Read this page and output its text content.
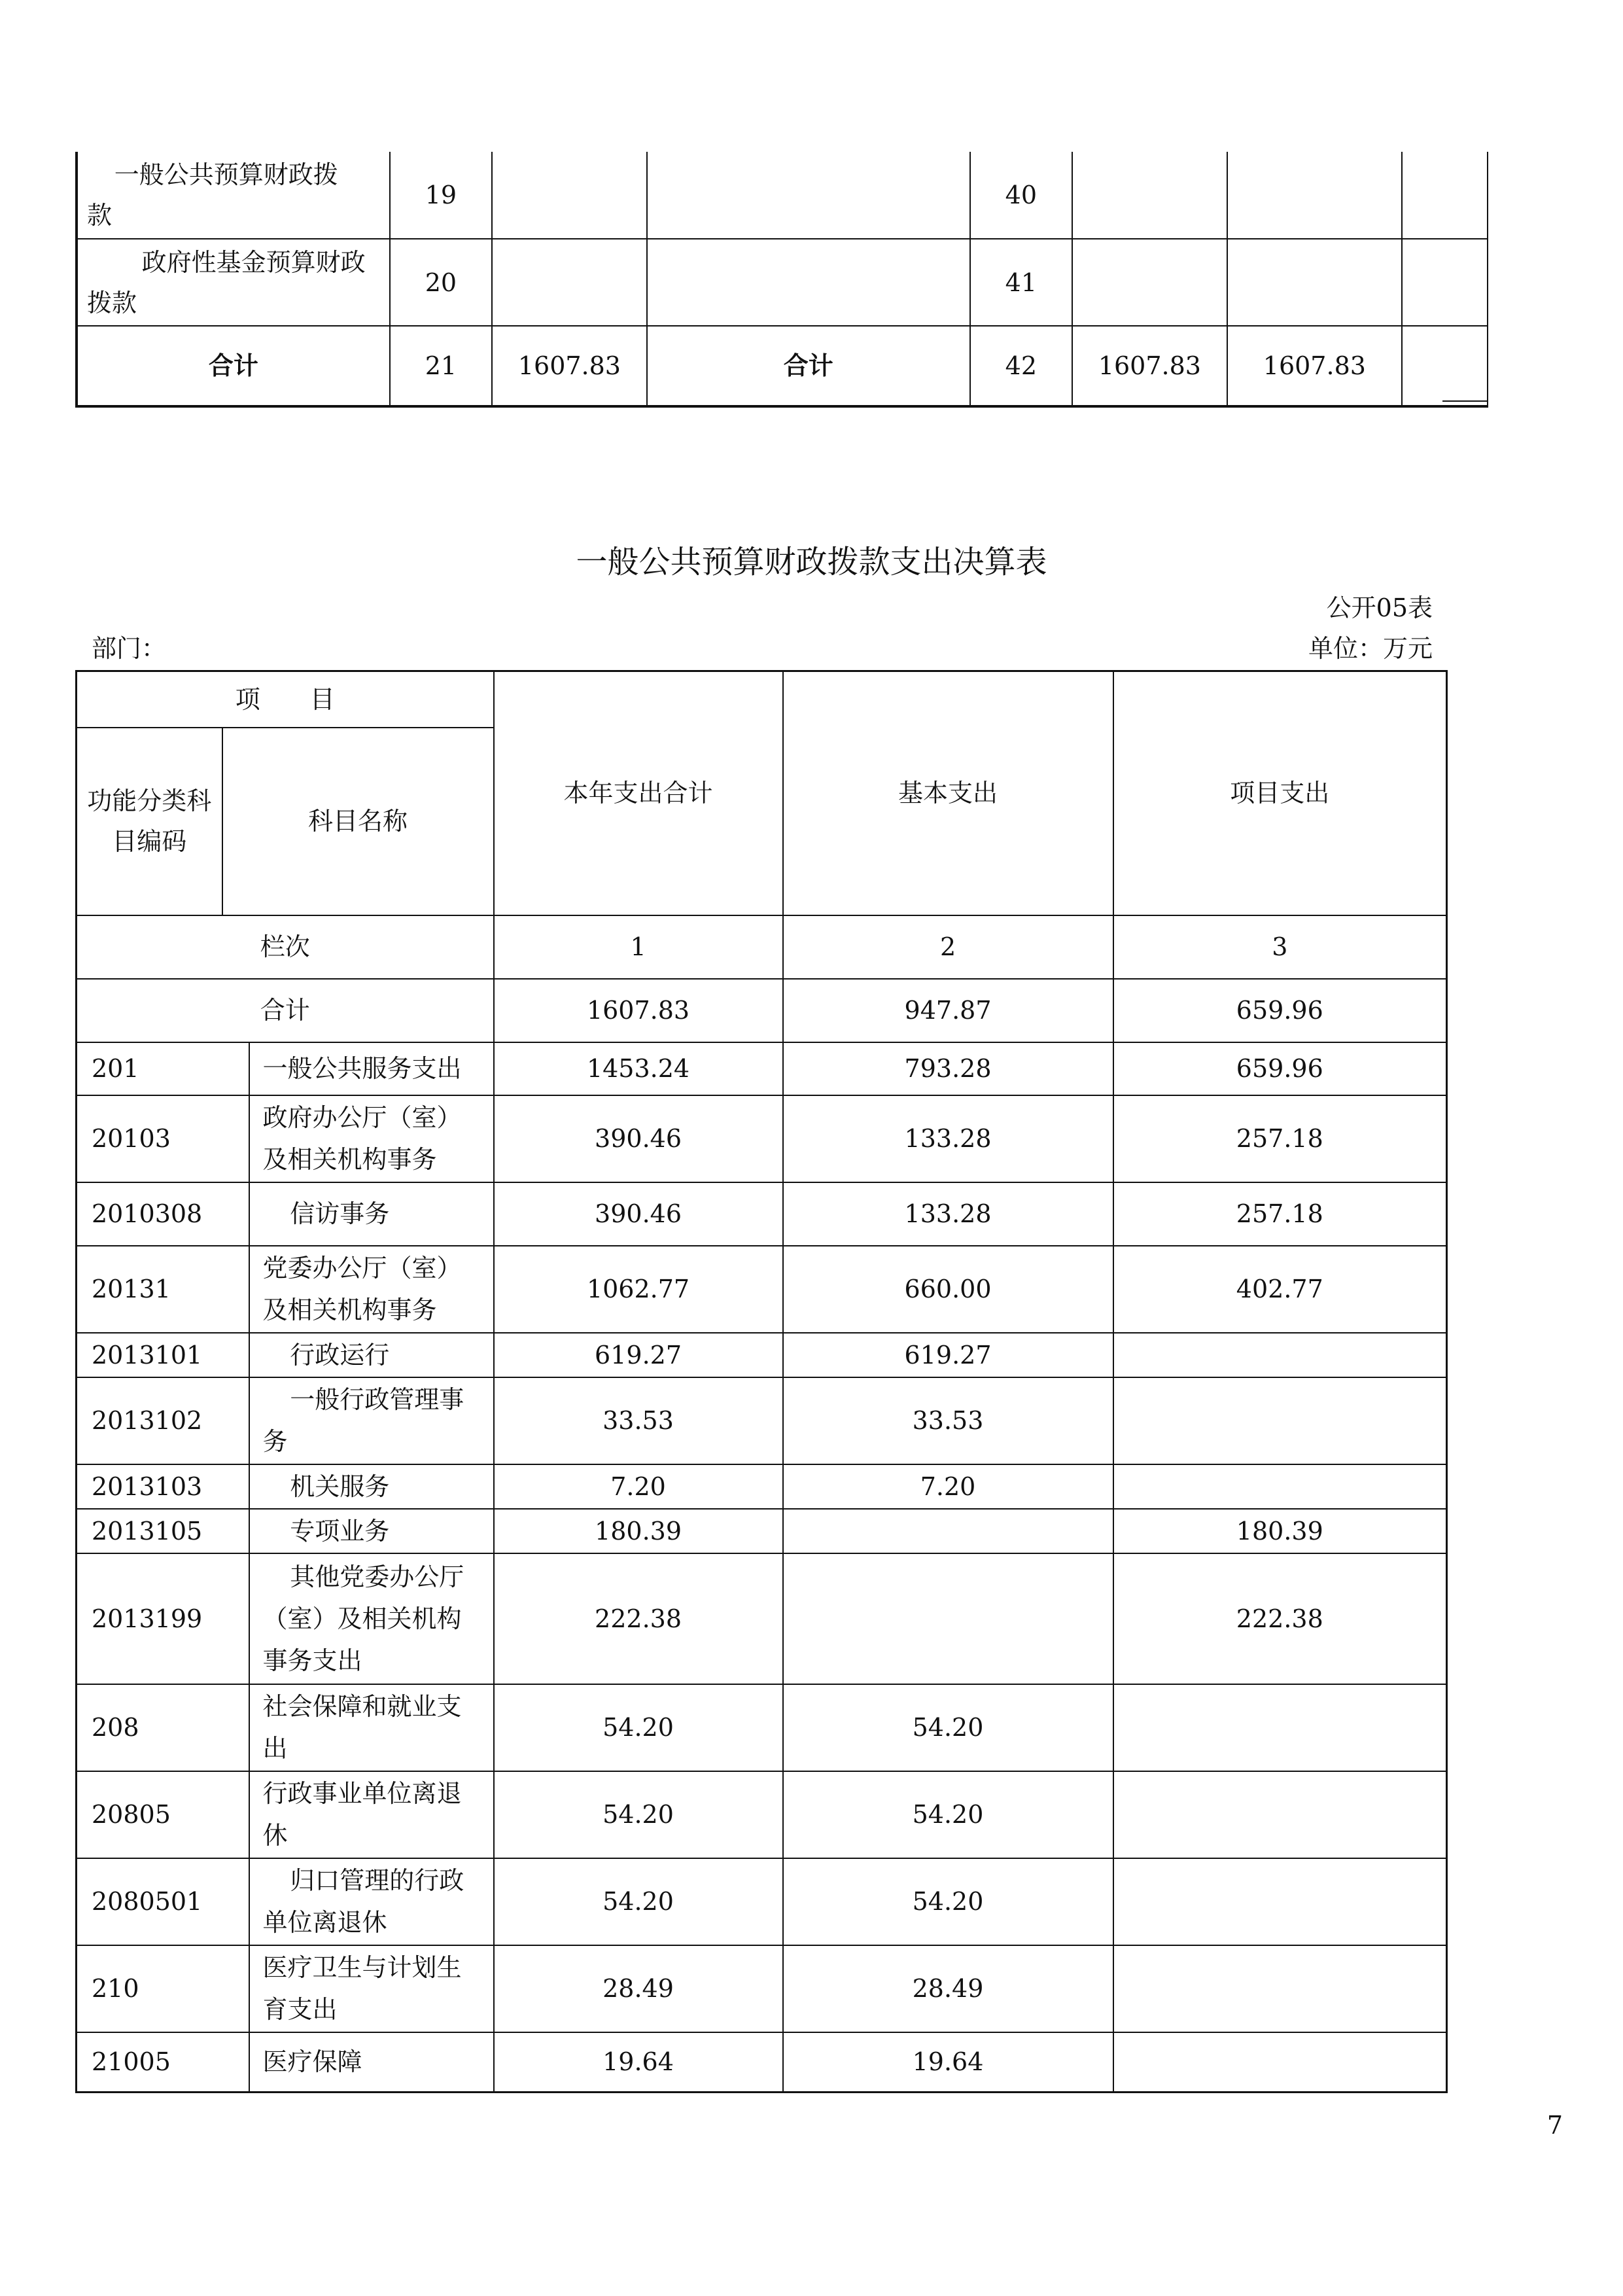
一般公共预算财政拨款	19			40			
政府性基金预算财政拨款	20			41			
合计	21	1607.83	合计	42	1607.83	1607.83	
一般公共预算财政拨款支出决算表
公开05表
部门：	单位：万元
项　　目			本年支出合计	基本支出	项目支出
功能分类科目编码	科目名称				
栏次			1	2	3
合计			1607.83	947.87	659.96
201		一般公共服务支出	1453.24	793.28	659.96
20103		政府办公厅（室）及相关机构事务	390.46	133.28	257.18
2010308		信访事务	390.46	133.28	257.18
20131		党委办公厅（室）及相关机构事务	1062.77	660.00	402.77
2013101		行政运行	619.27	619.27	
2013102		一般行政管理事务	33.53	33.53	
2013103		机关服务	7.20	7.20	
2013105		专项业务	180.39		180.39
2013199		其他党委办公厅（室）及相关机构事务支出	222.38		222.38
208		社会保障和就业支出	54.20	54.20	
20805		行政事业单位离退休	54.20	54.20	
2080501		归口管理的行政单位离退休	54.20	54.20	
210		医疗卫生与计划生育支出	28.49	28.49	
21005		医疗保障	19.64	19.64	
7
